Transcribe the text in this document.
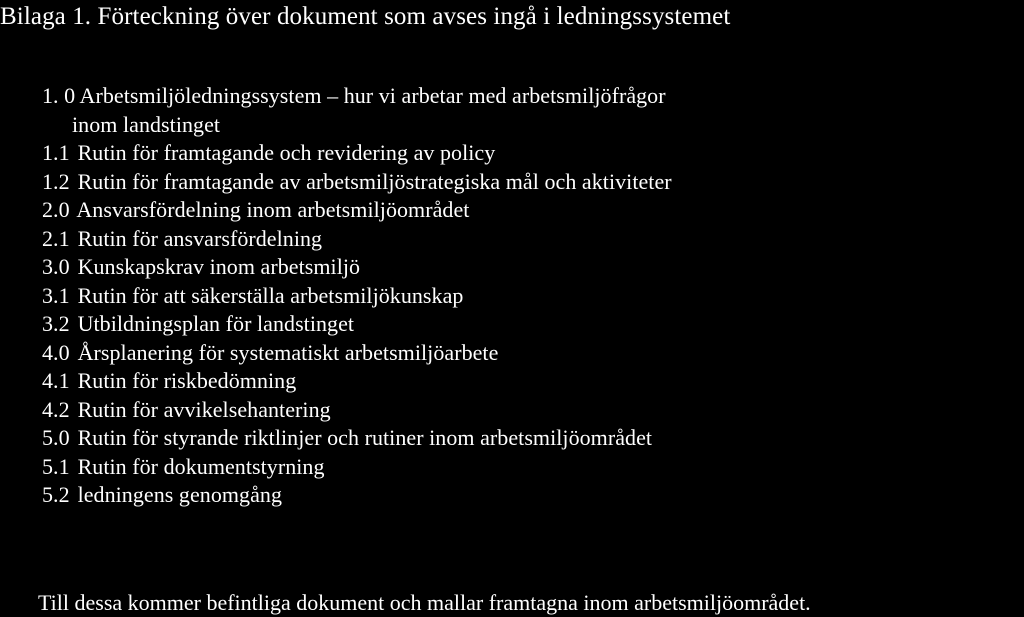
Bilaga 1. Förteckning över dokument som avses ingå i ledningssystemet
1. 0 Arbetsmiljöledningssystem – hur vi arbetar med arbetsmiljöfrågor
inom landstinget
1.1 Rutin för framtagande och revidering av policy
1.2 Rutin för framtagande av arbetsmiljöstrategiska mål och aktiviteter
2.0 Ansvarsfördelning inom arbetsmiljöområdet
2.1 Rutin för ansvarsfördelning
3.0 Kunskapskrav inom arbetsmiljö
3.1 Rutin för att säkerställa arbetsmiljökunskap
3.2 Utbildningsplan för landstinget
4.0 Årsplanering för systematiskt arbetsmiljöarbete
4.1 Rutin för riskbedömning
4.2 Rutin för avvikelsehantering
5.0 Rutin för styrande riktlinjer och rutiner inom arbetsmiljöområdet
5.1 Rutin för dokumentstyrning
5.2 ledningens genomgång
Till dessa kommer befintliga dokument och mallar framtagna inom arbetsmiljöområdet.
